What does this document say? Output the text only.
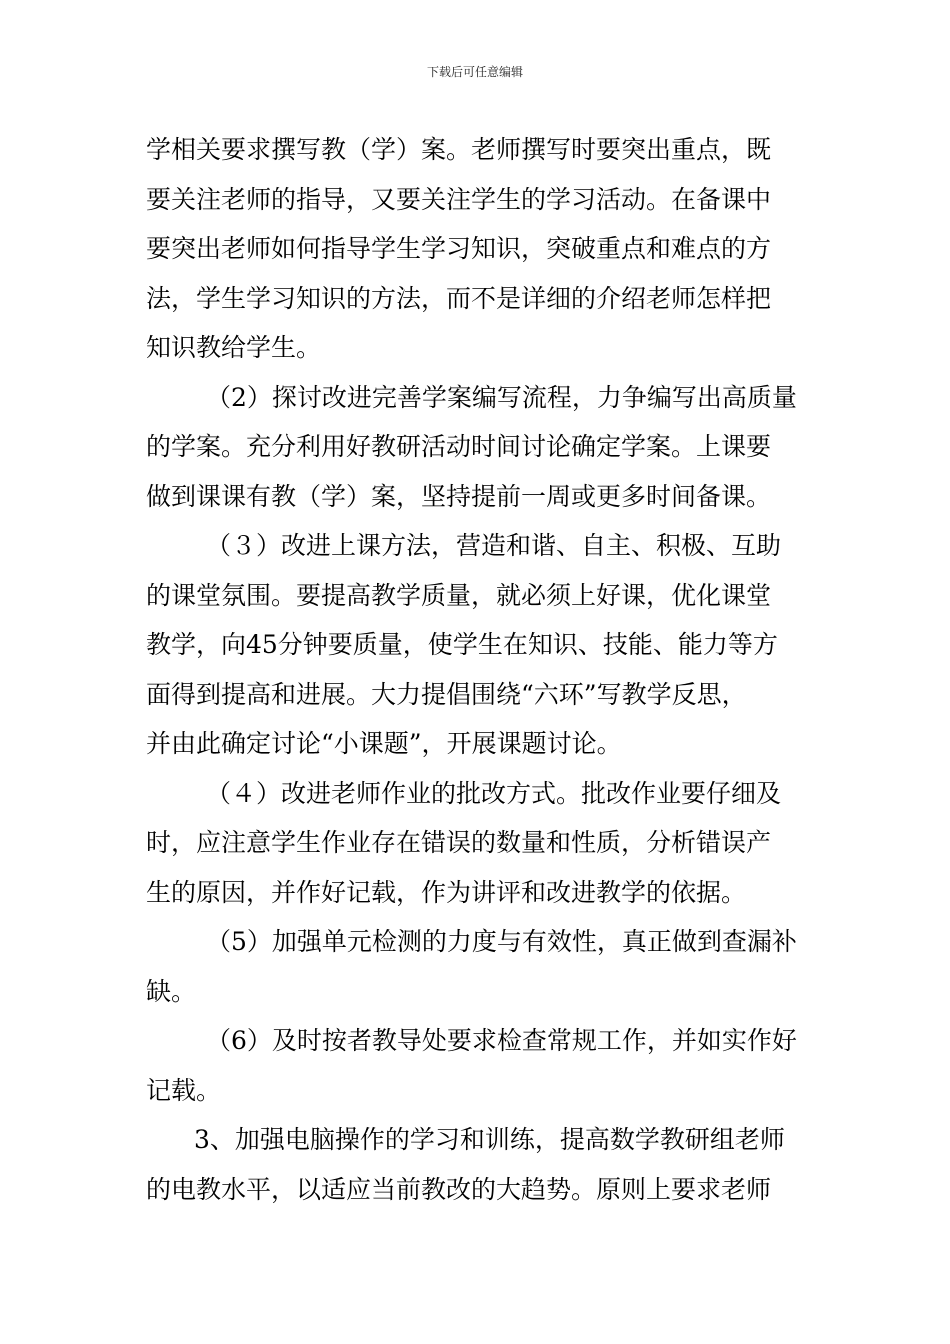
下载后可任意编辑
学相关要求撰写教（学）案。老师撰写时要突出重点，既
要关注老师的指导，又要关注学生的学习活动。在备课中
要突出老师如何指导学生学习知识，突破重点和难点的方
法，学生学习知识的方法，而不是详细的介绍老师怎样把
知识教给学生。
（2）探讨改进完善学案编写流程，力争编写出高质量
的学案。充分利用好教研活动时间讨论确定学案。上课要
做到课课有教（学）案，坚持提前一周或更多时间备课。
（３）改进上课方法，营造和谐、自主、积极、互助
的课堂氛围。要提高教学质量，就必须上好课，优化课堂
教学，向45分钟要质量，使学生在知识、技能、能力等方
面得到提高和进展。大力提倡围绕“六环”写教学反思，
并由此确定讨论“小课题”，开展课题讨论。
（４）改进老师作业的批改方式。批改作业要仔细及
时，应注意学生作业存在错误的数量和性质，分析错误产
生的原因，并作好记载，作为讲评和改进教学的依据。
（5）加强单元检测的力度与有效性，真正做到查漏补
缺。
（6）及时按者教导处要求检查常规工作，并如实作好
记载。
3、加强电脑操作的学习和训练，提高数学教研组老师
的电教水平，以适应当前教改的大趋势。原则上要求老师
